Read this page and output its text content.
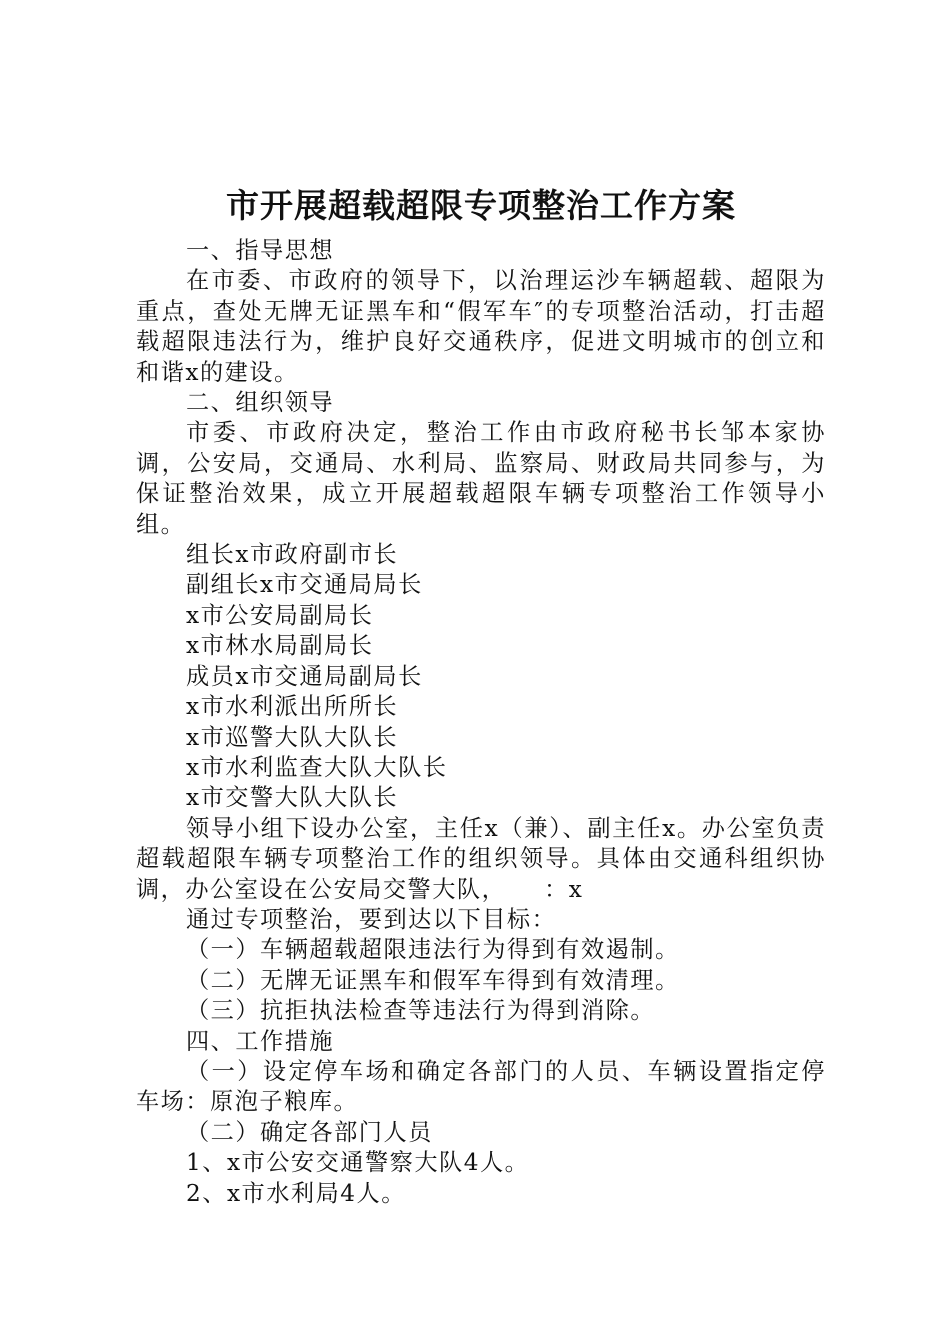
市开展超载超限专项整治工作方案

一、指导思想

在市委、市政府的领导下，以治理运沙车辆超载、超限为重点，查处无牌无证黑车和“假军车″的专项整治活动，打击超载超限违法行为，维护良好交通秩序，促进文明城市的创立和和谐x的建设。

二、组织领导

市委、市政府决定，整治工作由市政府秘书长邹本家协调，公安局，交通局、水利局、监察局、财政局共同参与，为保证整治效果，成立开展超载超限车辆专项整治工作领导小组。

组长x市政府副市长

副组长x市交通局局长

x市公安局副局长

x市林水局副局长

成员x市交通局副局长

x市水利派出所所长

x市巡警大队大队长

x市水利监查大队大队长

x市交警大队大队长

领导小组下设办公室，主任x（兼）、副主任x。办公室负责超载超限车辆专项整治工作的组织领导。具体由交通科组织协调，办公室设在公安局交警大队，　　：x

通过专项整治，要到达以下目标：

（一）车辆超载超限违法行为得到有效遏制。

（二）无牌无证黑车和假军车得到有效清理。

（三）抗拒执法检查等违法行为得到消除。

四、工作措施

（一）设定停车场和确定各部门的人员、车辆设置指定停车场：原泡子粮库。

（二）确定各部门人员

1、x市公安交通警察大队4人。

2、x市水利局4人。
